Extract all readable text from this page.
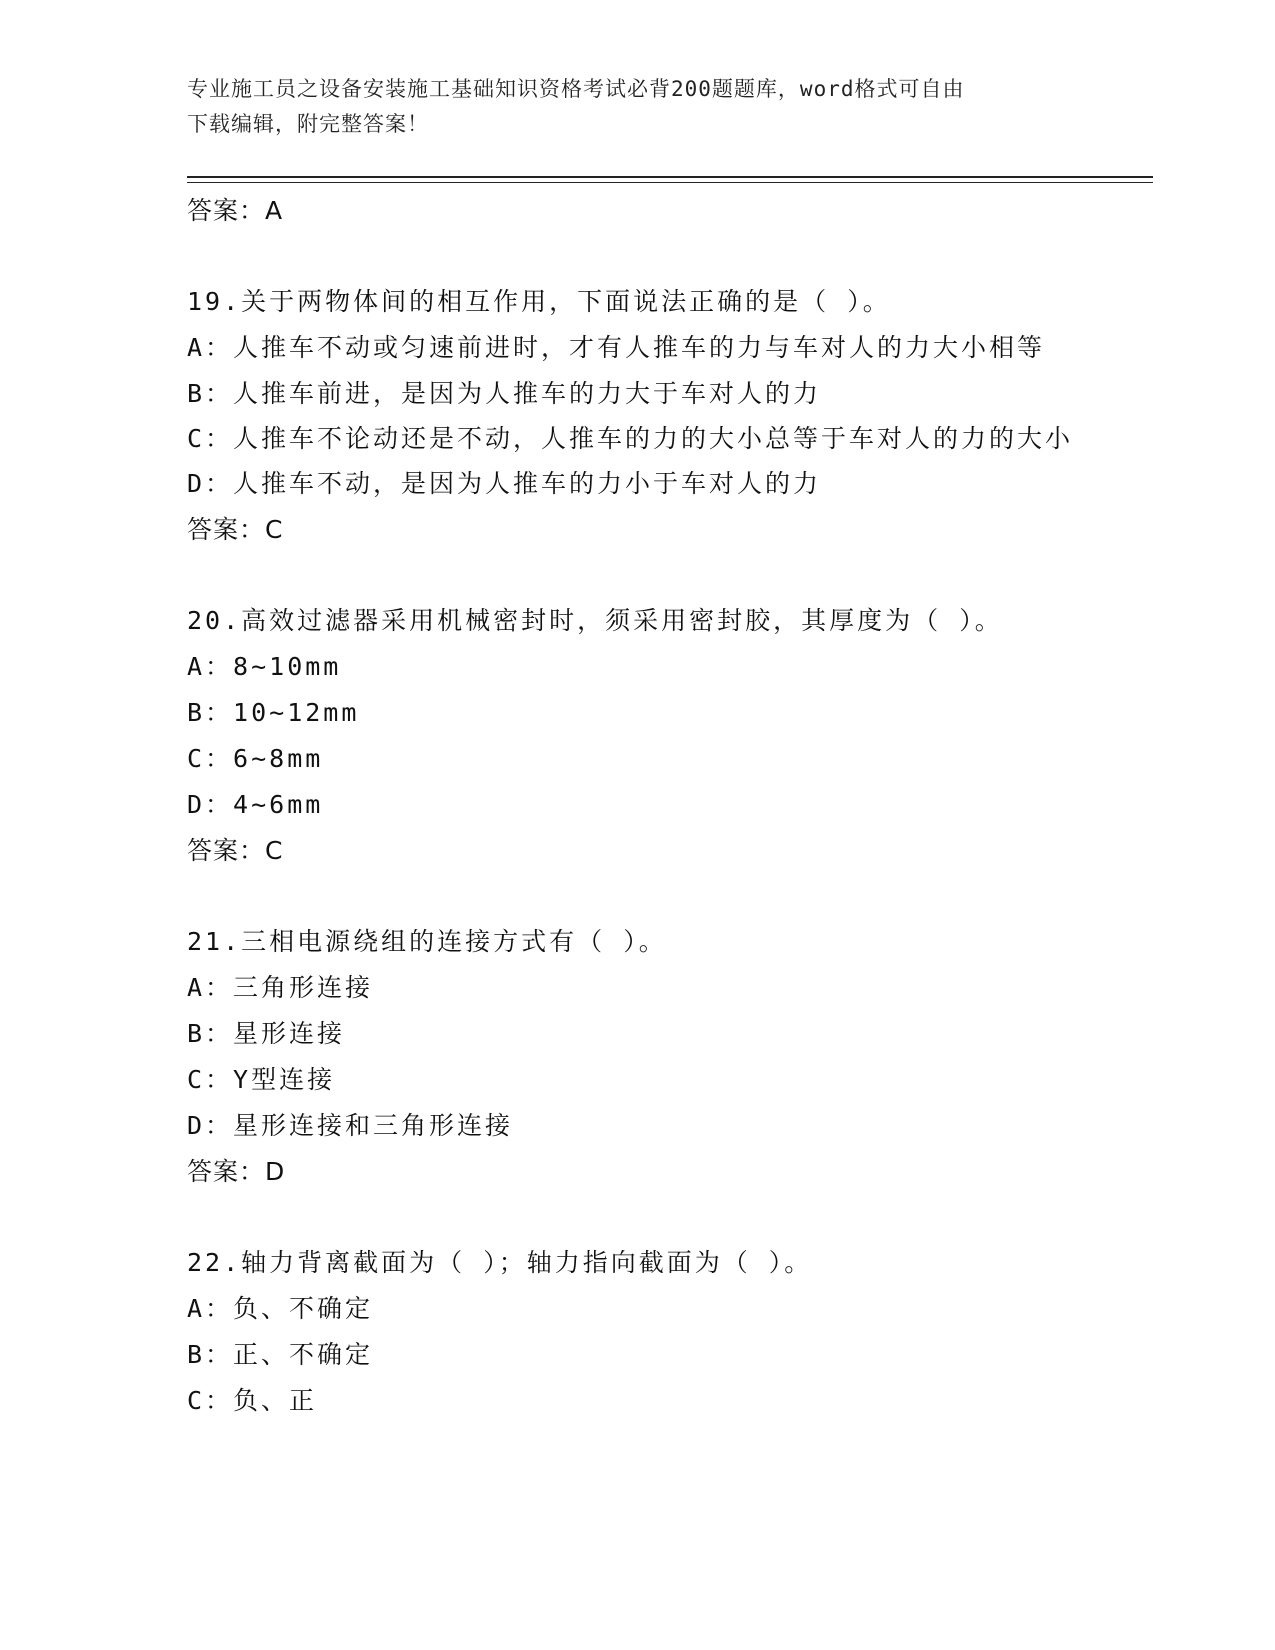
专业施工员之设备安装施工基础知识资格考试必背200题题库，word格式可自由
下载编辑，附完整答案！
答案：A
19.关于两物体间的相互作用，下面说法正确的是（ ）。
A：人推车不动或匀速前进时，才有人推车的力与车对人的力大小相等
B：人推车前进，是因为人推车的力大于车对人的力
C：人推车不论动还是不动，人推车的力的大小总等于车对人的力的大小
D：人推车不动，是因为人推车的力小于车对人的力
答案：C
20.高效过滤器采用机械密封时，须采用密封胶，其厚度为（ ）。
A：8~10mm
B：10~12mm
C：6~8mm
D：4~6mm
答案：C
21.三相电源绕组的连接方式有（ ）。
A：三角形连接
B：星形连接
C：Y型连接
D：星形连接和三角形连接
答案：D
22.轴力背离截面为（ ）；轴力指向截面为（ ）。
A：负、不确定
B：正、不确定
C：负、正
